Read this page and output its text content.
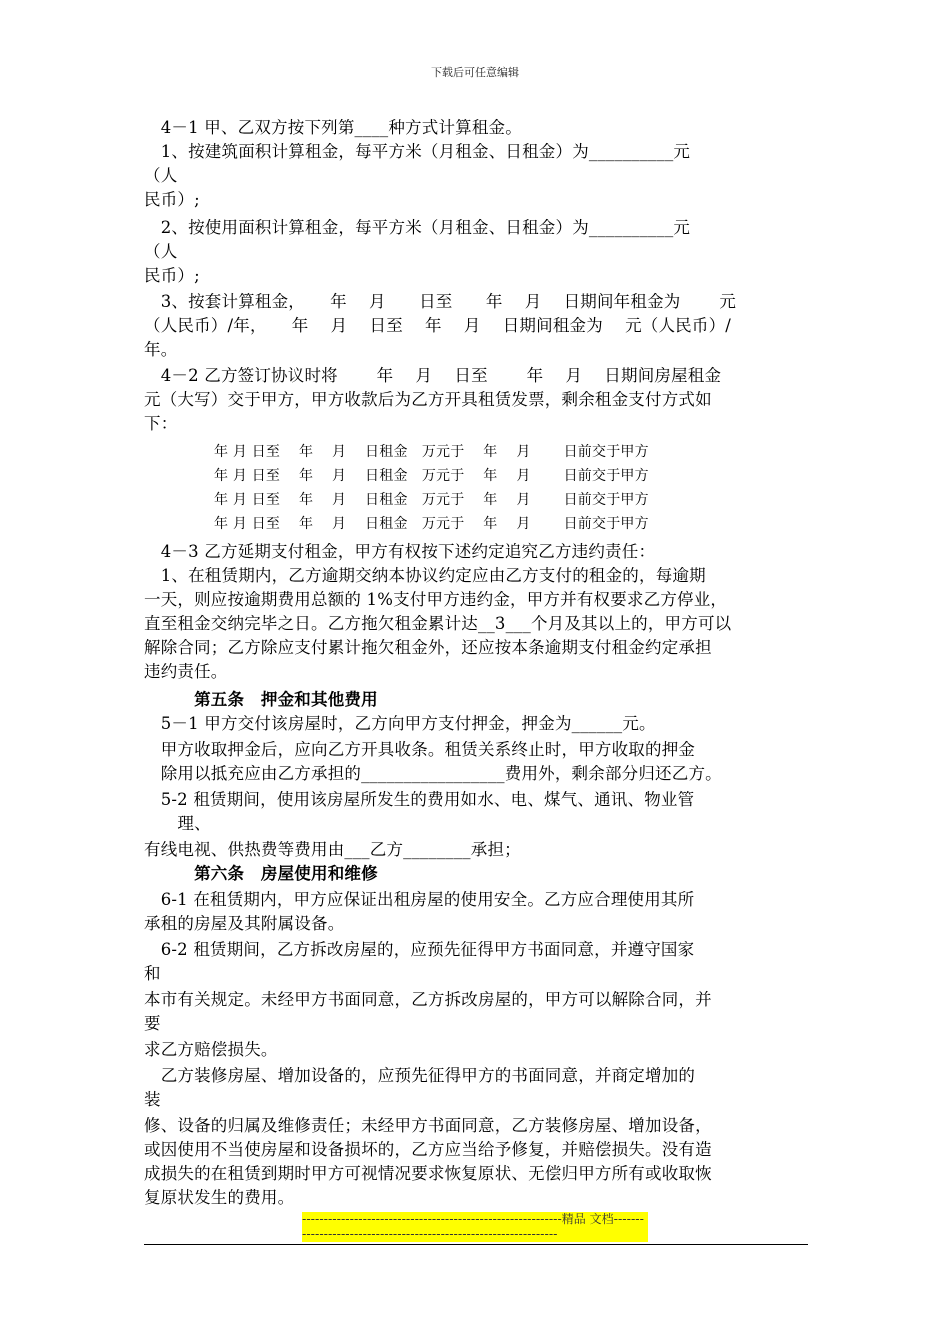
下载后可任意编辑
　4－1 甲、乙双方按下列第____种方式计算租金。
　1、按建筑面积计算租金，每平方米（月租金、日租金）为__________元
（人
民币）;
　2、按使用面积计算租金，每平方米（月租金、日租金）为__________元
（人
民币）;
　3、按套计算租金，　　年　 月　　日至　　年　 月　 日期间年租金为　　 元
（人民币）/年，　　年　 月　 日至　 年　 月　 日期间租金为　 元（人民币）/
年。
　4－2 乙方签订协议时将　　 年　 月　 日至　　 年　 月　 日期间房屋租金
元（大写）交于甲方，甲方收款后为乙方开具租赁发票，剩余租金支付方式如
下：
年 月 日至　 年　 月　 日租金　万元于　 年　 月　　 日前交于甲方
年 月 日至　 年　 月　 日租金　万元于　 年　 月　　 日前交于甲方
年 月 日至　 年　 月　 日租金　万元于　 年　 月　　 日前交于甲方
年 月 日至　 年　 月　 日租金　万元于　 年　 月　　 日前交于甲方
　4－3 乙方延期支付租金，甲方有权按下述约定追究乙方违约责任：
　1、在租赁期内，乙方逾期交纳本协议约定应由乙方支付的租金的，每逾期
一天，则应按逾期费用总额的 1%支付甲方违约金，甲方并有权要求乙方停业，
直至租金交纳完毕之日。乙方拖欠租金累计达__3___个月及其以上的，甲方可以
解除合同；乙方除应支付累计拖欠租金外，还应按本条逾期支付租金约定承担
违约责任。
　　　第五条　押金和其他费用
　5－1 甲方交付该房屋时，乙方向甲方支付押金，押金为______元。
　甲方收取押金后，应向乙方开具收条。租赁关系终止时，甲方收取的押金
　除用以抵充应由乙方承担的_________________费用外，剩余部分归还乙方。
　5-2 租赁期间，使用该房屋所发生的费用如水、电、煤气、通讯、物业管
　　理、
有线电视、供热费等费用由___乙方________承担；
　　　第六条　房屋使用和维修
　6-1 在租赁期内，甲方应保证出租房屋的使用安全。乙方应合理使用其所
承租的房屋及其附属设备。
　6-2 租赁期间，乙方拆改房屋的，应预先征得甲方书面同意，并遵守国家
和
本市有关规定。未经甲方书面同意，乙方拆改房屋的，甲方可以解除合同，并
要
求乙方赔偿损失。
　乙方装修房屋、增加设备的，应预先征得甲方的书面同意，并商定增加的
装
修、设备的归属及维修责任；未经甲方书面同意，乙方装修房屋、增加设备，
或因使用不当使房屋和设备损坏的，乙方应当给予修复，并赔偿损失。没有造
成损失的在租赁到期时甲方可视情况要求恢复原状、无偿归甲方所有或收取恢
复原状发生的费用。
------------------------------------------------------------精品 文档------------------------------------------------------------------
